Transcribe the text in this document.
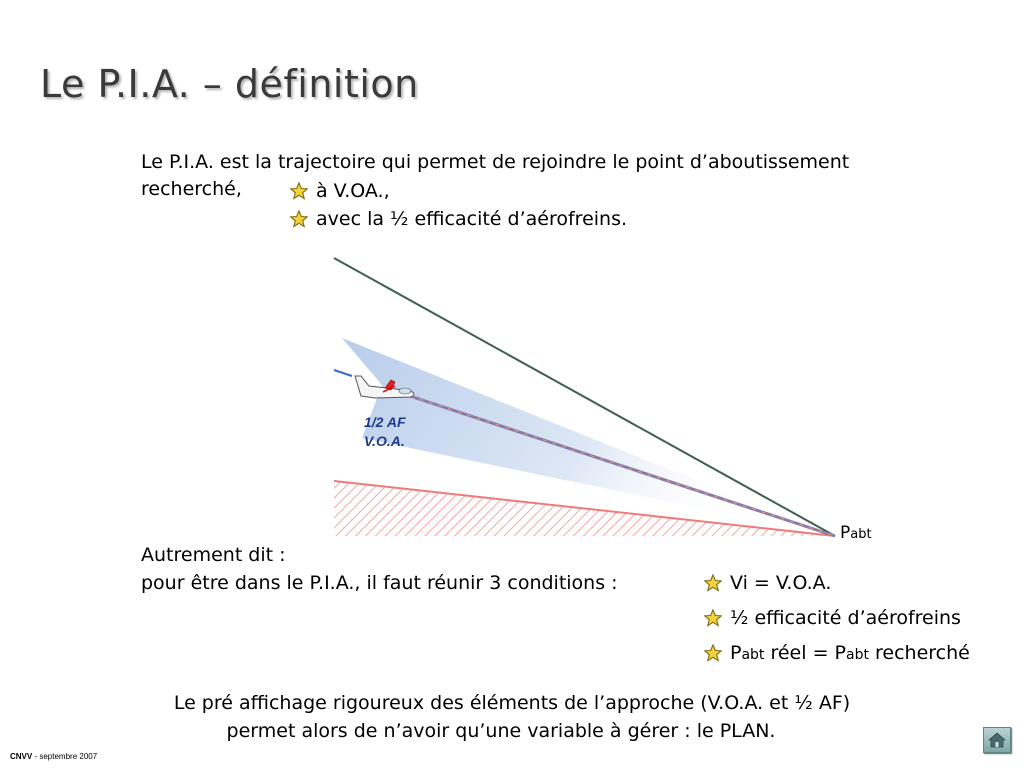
Le P.I.A. – définition
Le P.I.A. est la trajectoire qui permet de rejoindre le point d’aboutissement
recherché,	à V.OA.,
avec la ½ efficacité d’aérofreins.
1/2 AF
V.O.A.
Pabt
Autrement dit :
pour être dans le P.I.A., il faut réunir 3 conditions :	Vi = V.O.A.
½ efficacité d’aérofreins
Pabt réel = Pabt recherché
Le pré affichage rigoureux des éléments de l’approche (V.O.A. et ½ AF)
permet alors de n’avoir qu’une variable à gérer : le PLAN.
CNVV - septembre 2007
